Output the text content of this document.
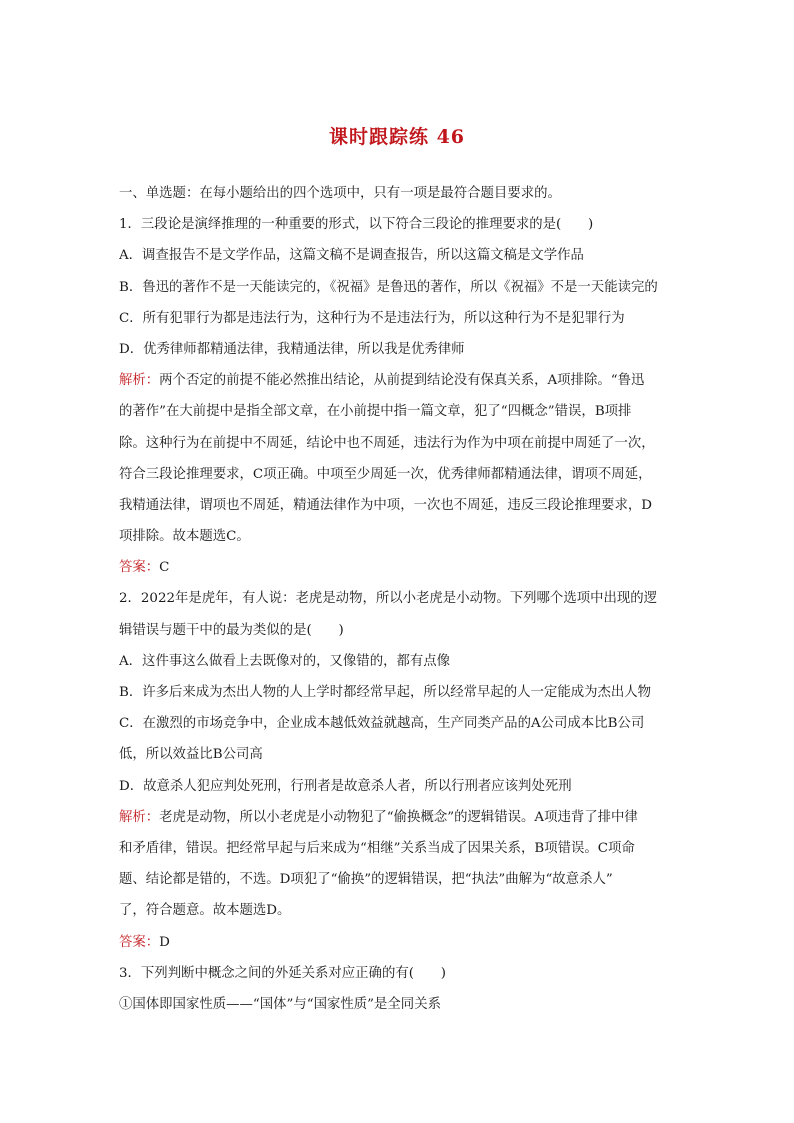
课时跟踪练 46
一、单选题：在每小题给出的四个选项中，只有一项是最符合题目要求的。
1．三段论是演绎推理的一种重要的形式，以下符合三段论的推理要求的是(　　)
A．调查报告不是文学作品，这篇文稿不是调查报告，所以这篇文稿是文学作品
B．鲁迅的著作不是一天能读完的，《祝福》是鲁迅的著作，所以《祝福》不是一天能读完的
C．所有犯罪行为都是违法行为，这种行为不是违法行为，所以这种行为不是犯罪行为
D．优秀律师都精通法律，我精通法律，所以我是优秀律师
解析：两个否定的前提不能必然推出结论，从前提到结论没有保真关系，A项排除。“鲁迅
的著作”在大前提中是指全部文章，在小前提中指一篇文章，犯了“四概念”错误，B项排
除。这种行为在前提中不周延，结论中也不周延，违法行为作为中项在前提中周延了一次，
符合三段论推理要求，C项正确。中项至少周延一次，优秀律师都精通法律，谓项不周延，
我精通法律，谓项也不周延，精通法律作为中项，一次也不周延，违反三段论推理要求，D
项排除。故本题选C。
答案：C
2．2022年是虎年，有人说：老虎是动物，所以小老虎是小动物。下列哪个选项中出现的逻
辑错误与题干中的最为类似的是(　　)
A．这件事这么做看上去既像对的，又像错的，都有点像
B．许多后来成为杰出人物的人上学时都经常早起，所以经常早起的人一定能成为杰出人物
C．在激烈的市场竞争中，企业成本越低效益就越高，生产同类产品的A公司成本比B公司
低，所以效益比B公司高
D．故意杀人犯应判处死刑，行刑者是故意杀人者，所以行刑者应该判处死刑
解析：老虎是动物，所以小老虎是小动物犯了“偷换概念”的逻辑错误。A项违背了排中律
和矛盾律，错误。把经常早起与后来成为“相继”关系当成了因果关系，B项错误。C项命
题、结论都是错的，不选。D项犯了“偷换”的逻辑错误，把“执法”曲解为“故意杀人”
了，符合题意。故本题选D。
答案：D
3．下列判断中概念之间的外延关系对应正确的有(　　)
①国体即国家性质——“国体”与“国家性质”是全同关系
